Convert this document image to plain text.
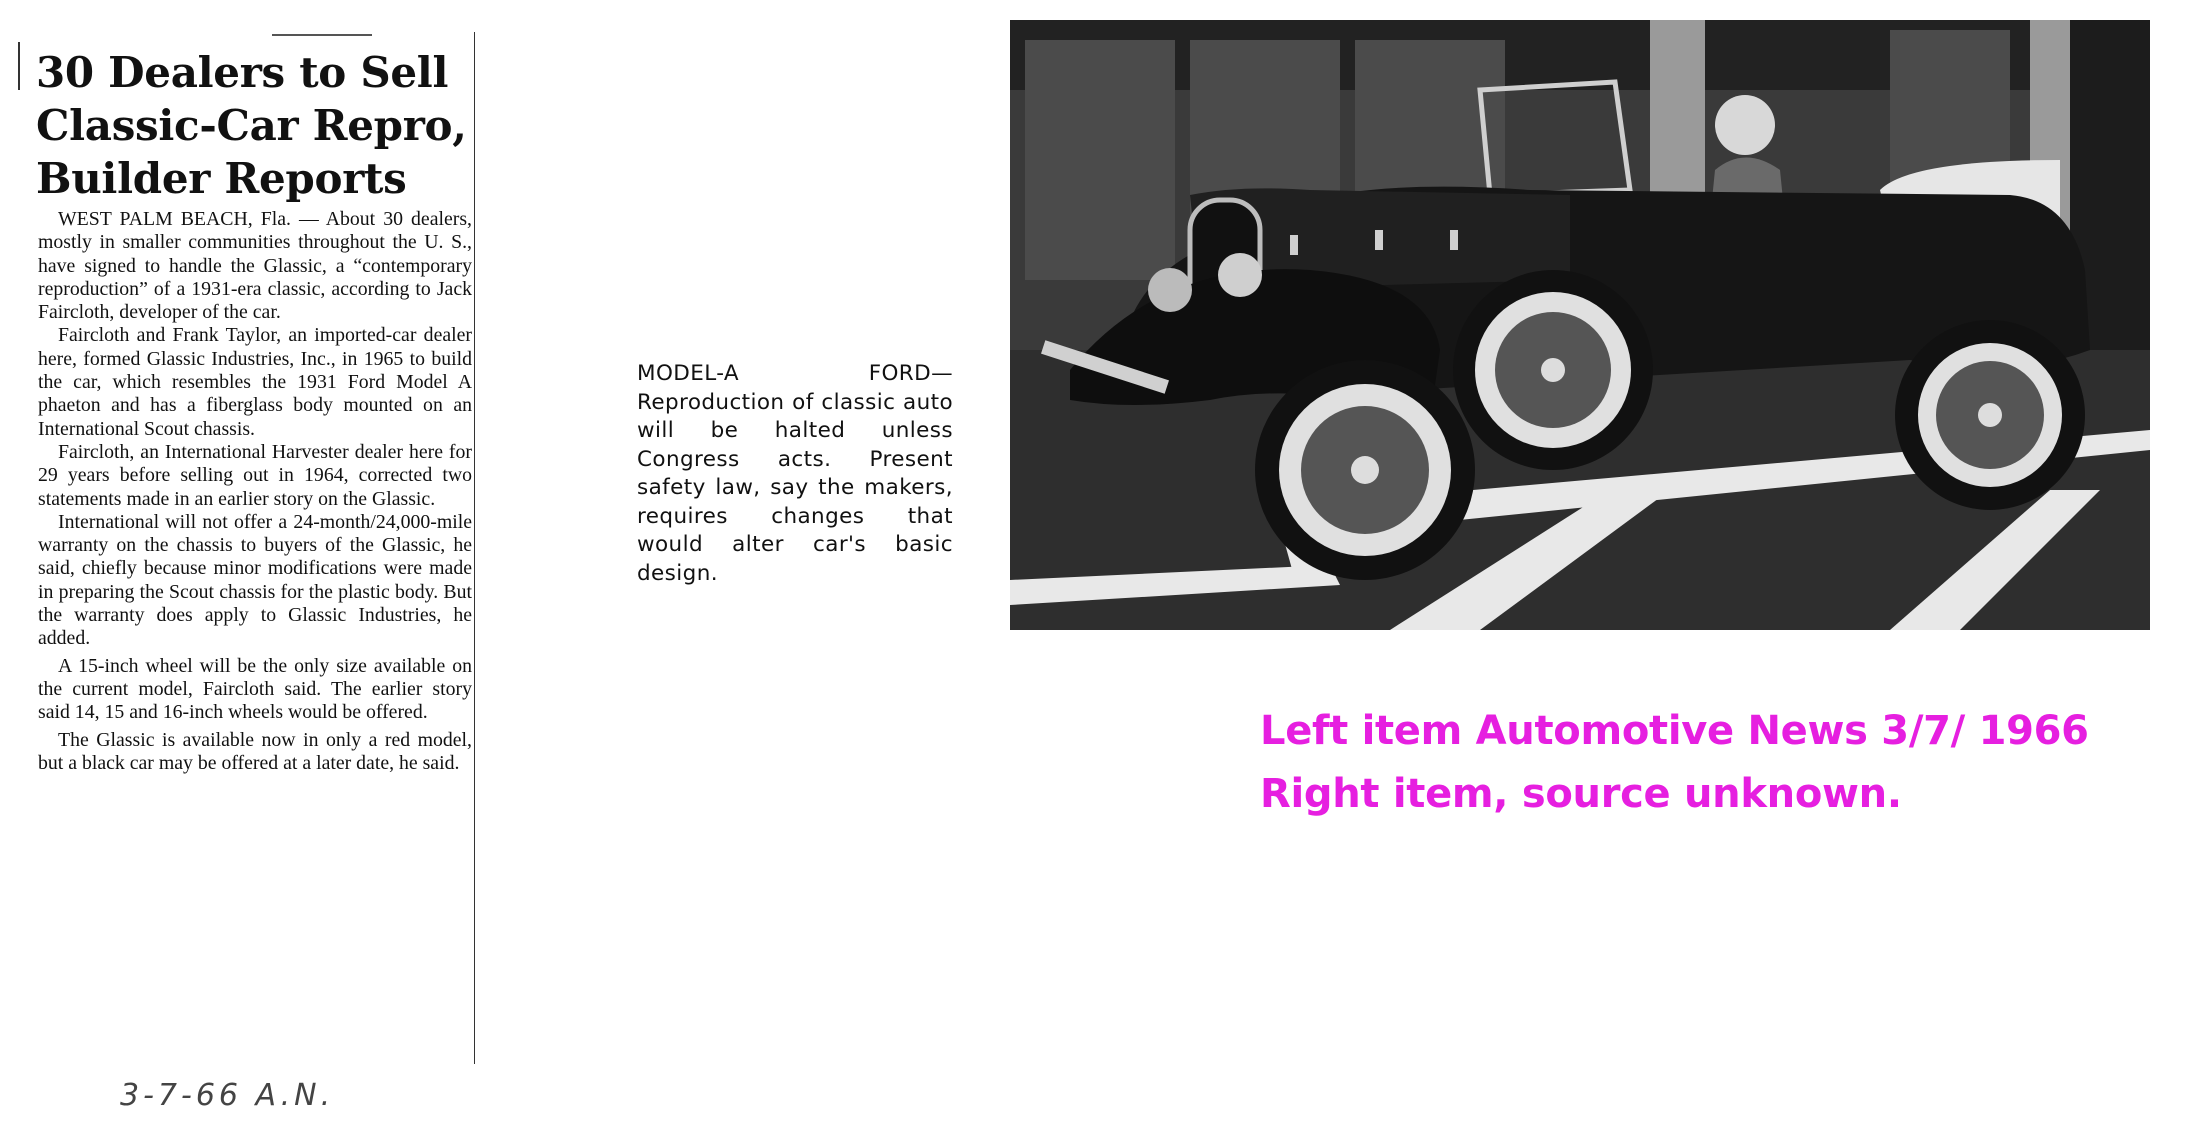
30 Dealers to Sell
Classic-Car Repro,
Builder Reports

WEST PALM BEACH, Fla. — About 30 dealers, mostly in smaller communities throughout the U. S., have signed to handle the Glassic, a “contemporary reproduction” of a 1931-era classic, according to Jack Faircloth, developer of the car.

Faircloth and Frank Taylor, an imported-car dealer here, formed Glassic Industries, Inc., in 1965 to build the car, which resembles the 1931 Ford Model A phaeton and has a fiberglass body mounted on an International Scout chassis.

Faircloth, an International Harvester dealer here for 29 years before selling out in 1964, corrected two statements made in an earlier story on the Glassic.

International will not offer a 24-month/24,000-mile warranty on the chassis to buyers of the Glassic, he said, chiefly because minor modifications were made in preparing the Scout chassis for the plastic body. But the warranty does apply to Glassic Industries, he added.

A 15-inch wheel will be the only size available on the current model, Faircloth said. The earlier story said 14, 15 and 16-inch wheels would be offered.

The Glassic is available now in only a red model, but a black car may be offered at a later date, he said.

3-7-66 A.N.
MODEL-A FORD—Reproduction of classic auto will be halted unless Congress acts. Present safety law, say the makers, requires changes that would alter car's basic design.
Left item Automotive News 3/7/ 1966
Right item, source unknown.
